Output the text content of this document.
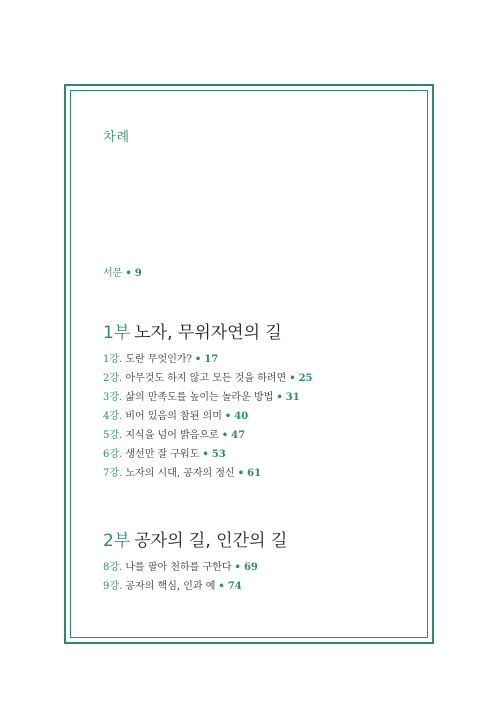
차례
서문 • 9
1부 노자, 무위자연의 길
1강. 도란 무엇인가? • 17
2강. 아무것도 하지 않고 모든 것을 하려면 • 25
3강. 삶의 만족도를 높이는 놀라운 방법 • 31
4강. 비어 있음의 참된 의미 • 40
5강. 지식을 넘어 밝음으로 • 47
6강. 생선만 잘 구워도 • 53
7강. 노자의 시대, 공자의 정신 • 61
2부 공자의 길, 인간의 길
8강. 나를 팔아 천하를 구한다 • 69
9강. 공자의 핵심, 인과 예 • 74
